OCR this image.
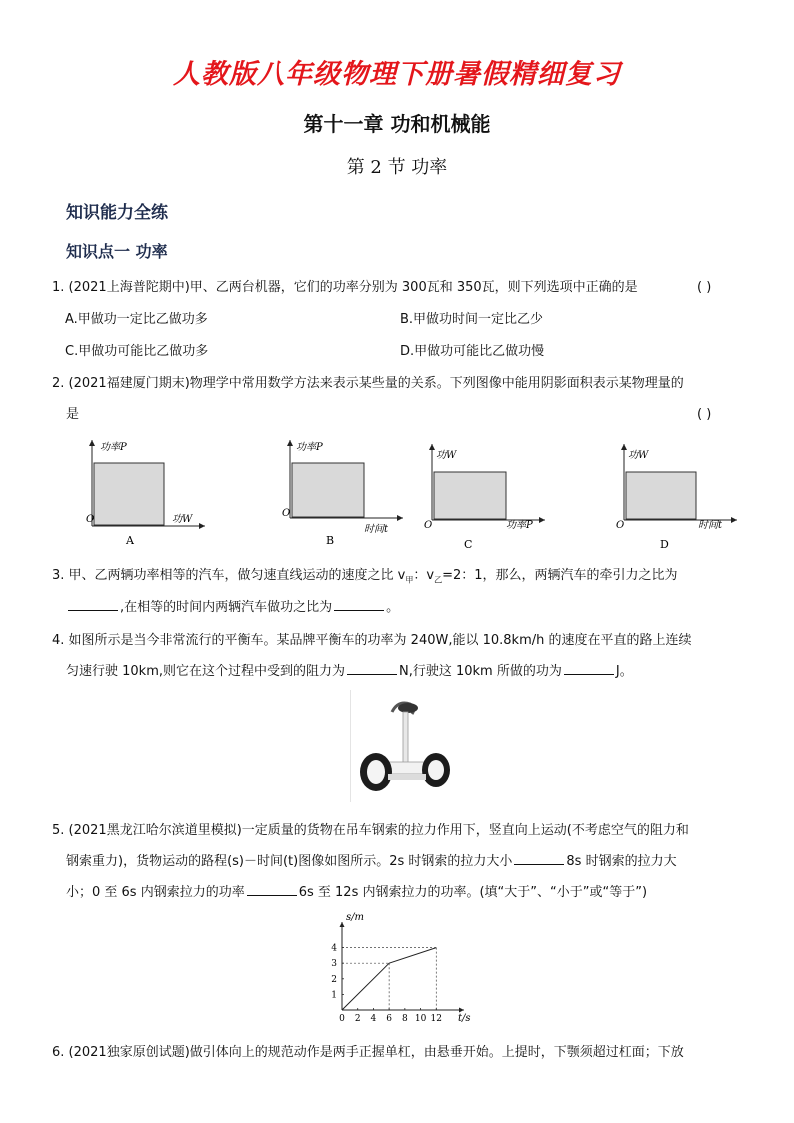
人教版八年级物理下册暑假精细复习
第十一章 功和机械能
第 2 节 功率
知识能力全练
知识点一 功率
1. (2021上海普陀期中)甲、乙两台机器，它们的功率分别为 300瓦和 350瓦，则下列选项中正确的是	( )
A.甲做功一定比乙做功多	B.甲做功时间一定比乙少
C.甲做功可能比乙做功多	D.甲做功可能比乙做功慢
2. (2021福建厦门期末)物理学中常用数学方法来表示某些量的关系。下列图像中能用阴影面积表示某物理量的
是	( )
功率P
功W
O
A
功率P
时间t
O
B
功W
功率P
O
C
功W
时间t
O
D
3. 甲、乙两辆功率相等的汽车，做匀速直线运动的速度之比 $v_甲$：$v_乙=2$：1，那么，两辆汽车的牵引力之比为
,在相等的时间内两辆汽车做功之比为	。
4. 如图所示是当今非常流行的平衡车。某品牌平衡车的功率为 240W,能以 10.8km/h 的速度在平直的路上连续
匀速行驶 10km,则它在这个过程中受到的阻力为	N,行驶这 10km 所做的功为	J。
5. (2021黑龙江哈尔滨道里模拟)一定质量的货物在吊车钢索的拉力作用下，竖直向上运动(不考虑空气的阻力和
钢索重力)，货物运动的路程(s)－时间(t)图像如图所示。2s 时钢索的拉力大小	8s 时钢索的拉力大
小；0 至 6s 内钢索拉力的功率	6s 至 12s 内钢索拉力的功率。(填“大于”、“小于”或“等于”)
0 2 4 6 8 10 12
1
2
3
4
t/s
s/m
6. (2021独家原创试题)做引体向上的规范动作是两手正握单杠，由悬垂开始。上提时，下颚须超过杠面；下放
